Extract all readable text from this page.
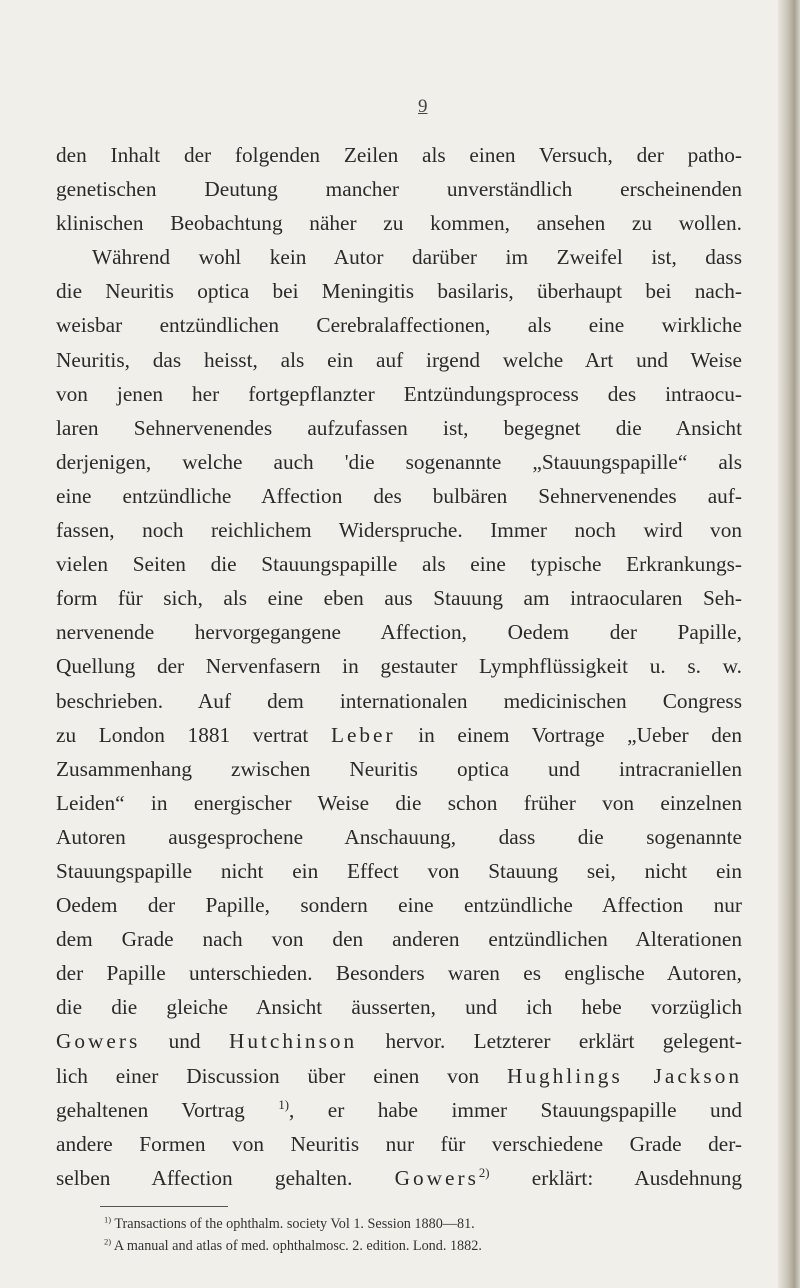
9
den Inhalt der folgenden Zeilen als einen Versuch, der patho-
genetischen Deutung mancher unverständlich erscheinenden
klinischen Beobachtung näher zu kommen, ansehen zu wollen.
Während wohl kein Autor darüber im Zweifel ist, dass
die Neuritis optica bei Meningitis basilaris, überhaupt bei nach-
weisbar entzündlichen Cerebralaffectionen, als eine wirkliche
Neuritis, das heisst, als ein auf irgend welche Art und Weise
von jenen her fortgepflanzter Entzündungsprocess des intraocu-
laren Sehnervenendes aufzufassen ist, begegnet die Ansicht
derjenigen, welche auch 'die sogenannte „Stauungspapille“ als
eine entzündliche Affection des bulbären Sehnervenendes auf-
fassen, noch reichlichem Widerspruche. Immer noch wird von
vielen Seiten die Stauungspapille als eine typische Erkrankungs-
form für sich, als eine eben aus Stauung am intraocularen Seh-
nervenende hervorgegangene Affection, Oedem der Papille,
Quellung der Nervenfasern in gestauter Lymphflüssigkeit u. s. w.
beschrieben. Auf dem internationalen medicinischen Congress
zu London 1881 vertrat Leber in einem Vortrage „Ueber den
Zusammenhang zwischen Neuritis optica und intracraniellen
Leiden“ in energischer Weise die schon früher von einzelnen
Autoren ausgesprochene Anschauung, dass die sogenannte
Stauungspapille nicht ein Effect von Stauung sei, nicht ein
Oedem der Papille, sondern eine entzündliche Affection nur
dem Grade nach von den anderen entzündlichen Alterationen
der Papille unterschieden. Besonders waren es englische Autoren,
die die gleiche Ansicht äusserten, und ich hebe vorzüglich
Gowers und Hutchinson hervor. Letzterer erklärt gelegent-
lich einer Discussion über einen von Hughlings Jackson
gehaltenen Vortrag	$^{1)}$, er habe immer Stauungspapille und
andere Formen von Neuritis nur für verschiedene Grade der-
selben Affection gehalten. Gowers$^{2)}$ erklärt: Ausdehnung
$^{1)}$ Transactions of the ophthalm. society Vol 1. Session 1880—81.
$^{2)}$ A manual and atlas of med. ophthalmosc. 2. edition. Lond. 1882.
